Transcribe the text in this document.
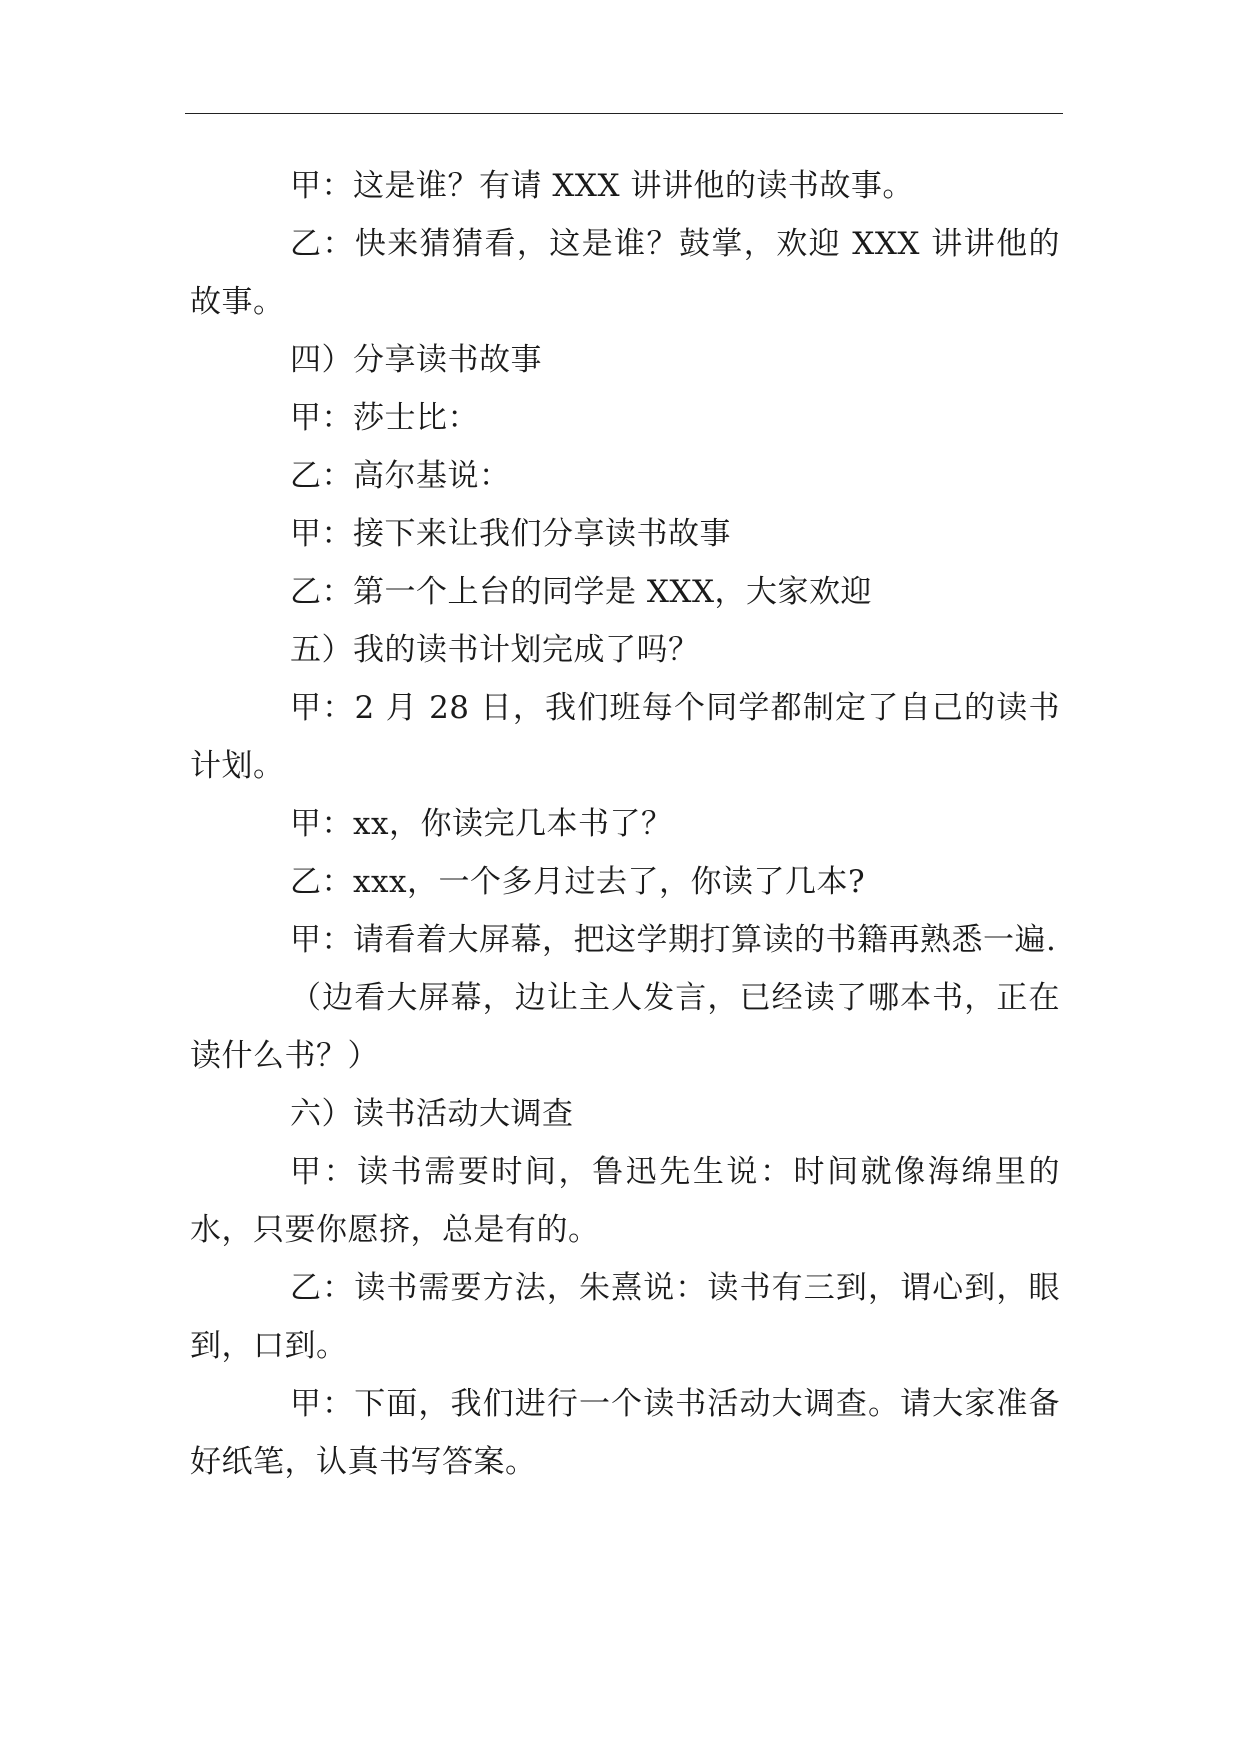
甲：这是谁？有请 XXX 讲讲他的读书故事。

乙：快来猜猜看，这是谁？鼓掌，欢迎 XXX 讲讲他的故事。

四）分享读书故事

甲：莎士比：

乙：高尔基说：

甲：接下来让我们分享读书故事

乙：第一个上台的同学是 XXX，大家欢迎

五）我的读书计划完成了吗？

甲：2 月 28 日，我们班每个同学都制定了自己的读书计划。

甲：xx，你读完几本书了？

乙：xxx，一个多月过去了，你读了几本?

甲：请看着大屏幕，把这学期打算读的书籍再熟悉一遍.

（边看大屏幕，边让主人发言，已经读了哪本书，正在读什么书？）

六）读书活动大调查

甲：读书需要时间，鲁迅先生说：时间就像海绵里的水，只要你愿挤，总是有的。

乙：读书需要方法，朱熹说：读书有三到，谓心到，眼到，口到。

甲：下面，我们进行一个读书活动大调查。请大家准备好纸笔，认真书写答案。
